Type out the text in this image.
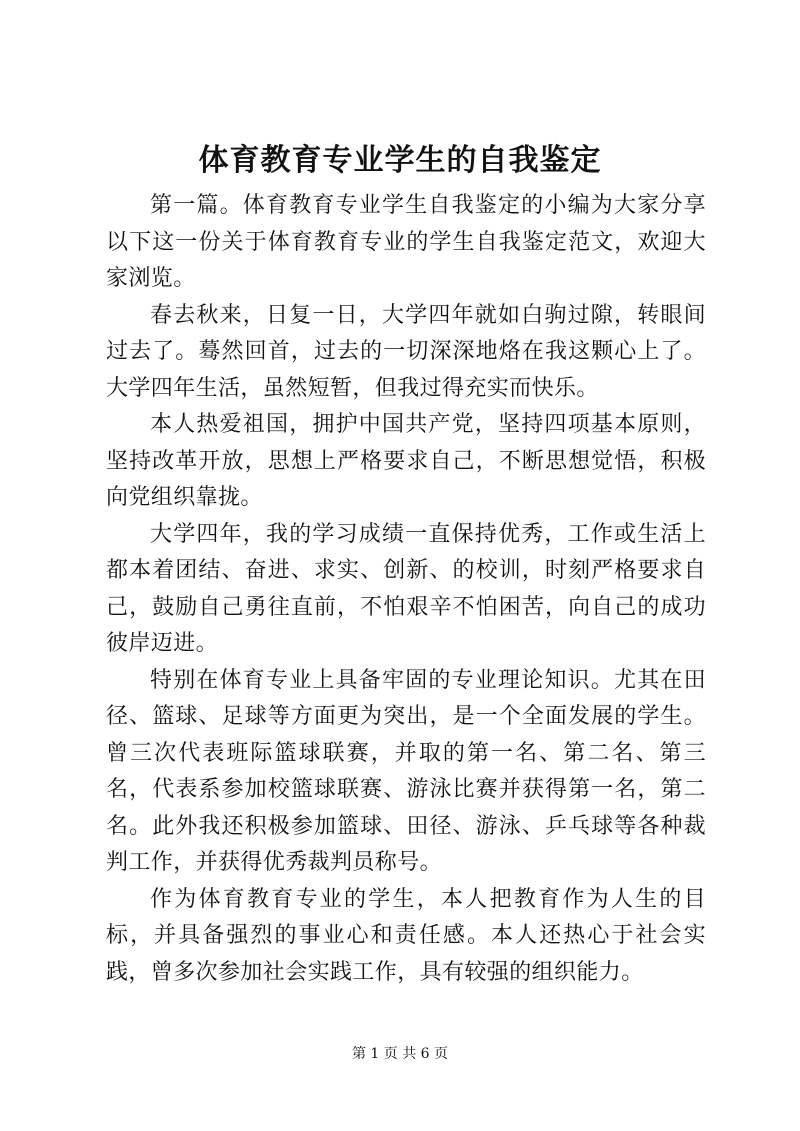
体育教育专业学生的自我鉴定

第一篇。体育教育专业学生自我鉴定的小编为大家分享以下这一份关于体育教育专业的学生自我鉴定范文，欢迎大家浏览。

春去秋来，日复一日，大学四年就如白驹过隙，转眼间过去了。蓦然回首，过去的一切深深地烙在我这颗心上了。大学四年生活，虽然短暂，但我过得充实而快乐。

本人热爱祖国，拥护中国共产党，坚持四项基本原则，坚持改革开放，思想上严格要求自己，不断思想觉悟，积极向党组织靠拢。

大学四年，我的学习成绩一直保持优秀，工作或生活上都本着团结、奋进、求实、创新、的校训，时刻严格要求自己，鼓励自己勇往直前，不怕艰辛不怕困苦，向自己的成功彼岸迈进。

特别在体育专业上具备牢固的专业理论知识。尤其在田径、篮球、足球等方面更为突出，是一个全面发展的学生。曾三次代表班际篮球联赛，并取的第一名、第二名、第三名，代表系参加校篮球联赛、游泳比赛并获得第一名，第二名。此外我还积极参加篮球、田径、游泳、乒乓球等各种裁判工作，并获得优秀裁判员称号。

作为体育教育专业的学生，本人把教育作为人生的目标，并具备强烈的事业心和责任感。本人还热心于社会实践，曾多次参加社会实践工作，具有较强的组织能力。

第 1 页 共 6 页
